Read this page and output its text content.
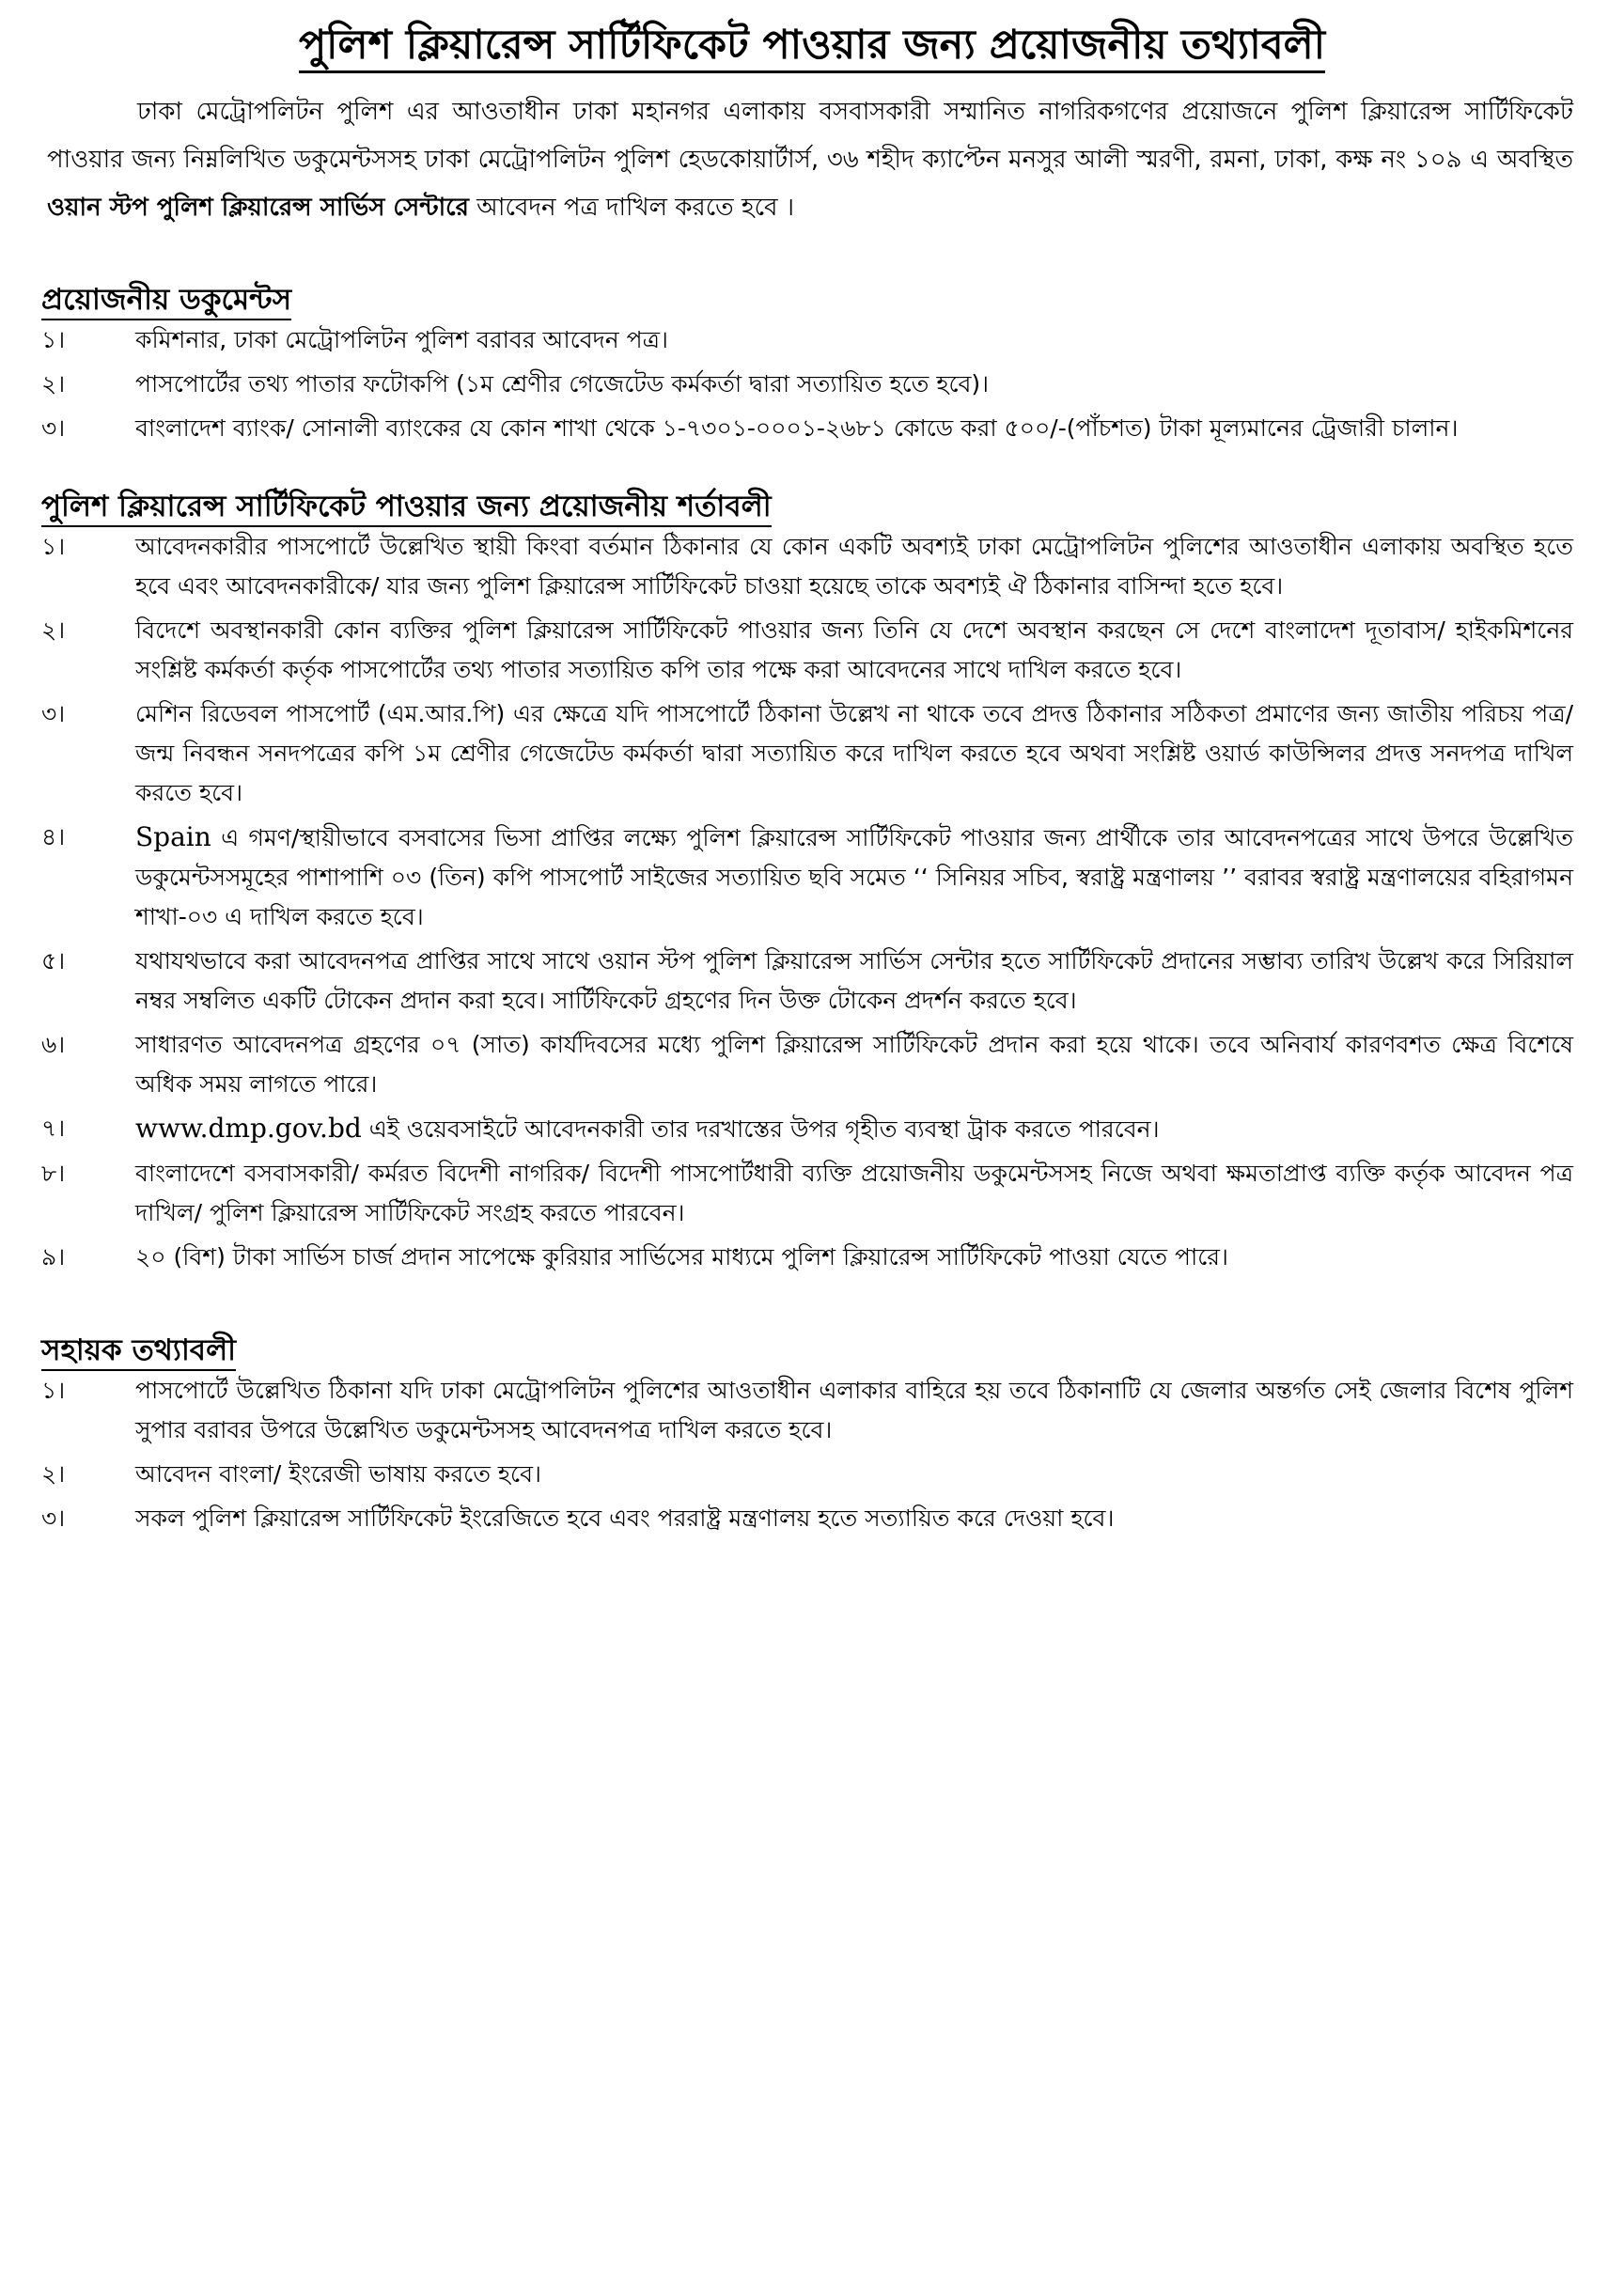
পুলিশ ক্লিয়ারেন্স সার্টিফিকেট পাওয়ার জন্য প্রয়োজনীয় তথ্যাবলী

ঢাকা মেট্রোপলিটন পুলিশ এর আওতাধীন ঢাকা মহানগর এলাকায় বসবাসকারী সম্মানিত নাগরিকগণের প্রয়োজনে পুলিশ ক্লিয়ারেন্স সার্টিফিকেট পাওয়ার জন্য নিম্নলিখিত ডকুমেন্টসসহ ঢাকা মেট্রোপলিটন পুলিশ হেডকোয়ার্টার্স, ৩৬ শহীদ ক্যাপ্টেন মনসুর আলী স্মরণী, রমনা, ঢাকা, কক্ষ নং ১০৯ এ অবস্থিত ওয়ান স্টপ পুলিশ ক্লিয়ারেন্স সার্ভিস সেন্টারে আবেদন পত্র দাখিল করতে হবে ।

প্রয়োজনীয় ডকুমেন্টস
১।	কমিশনার, ঢাকা মেট্রোপলিটন পুলিশ বরাবর আবেদন পত্র।
২।	পাসপোর্টের তথ্য পাতার ফটোকপি (১ম শ্রেণীর গেজেটেড কর্মকর্তা দ্বারা সত্যায়িত হতে হবে)।
৩।	বাংলাদেশ ব্যাংক/ সোনালী ব্যাংকের যে কোন শাখা থেকে ১-৭৩০১-০০০১-২৬৮১ কোডে করা ৫০০/-(পাঁচশত) টাকা মূল্যমানের ট্রেজারী চালান।
পুলিশ ক্লিয়ারেন্স সার্টিফিকেট পাওয়ার জন্য প্রয়োজনীয় শর্তাবলী
১।	আবেদনকারীর পাসপোর্টে উল্লেখিত স্থায়ী কিংবা বর্তমান ঠিকানার যে কোন একটি অবশ্যই ঢাকা মেট্রোপলিটন পুলিশের আওতাধীন এলাকায় অবস্থিত হতে হবে এবং আবেদনকারীকে/ যার জন্য পুলিশ ক্লিয়ারেন্স সার্টিফিকেট চাওয়া হয়েছে তাকে অবশ্যই ঐ ঠিকানার বাসিন্দা হতে হবে।
২।	বিদেশে অবস্থানকারী কোন ব্যক্তির পুলিশ ক্লিয়ারেন্স সার্টিফিকেট পাওয়ার জন্য তিনি যে দেশে অবস্থান করছেন সে দেশে বাংলাদেশ দূতাবাস/ হাইকমিশনের সংশ্লিষ্ট কর্মকর্তা কর্তৃক পাসপোর্টের তথ্য পাতার সত্যায়িত কপি তার পক্ষে করা আবেদনের সাথে দাখিল করতে হবে।
৩।	মেশিন রিডেবল পাসপোর্ট (এম.আর.পি) এর ক্ষেত্রে যদি পাসপোর্টে ঠিকানা উল্লেখ না থাকে তবে প্রদত্ত ঠিকানার সঠিকতা প্রমাণের জন্য জাতীয় পরিচয় পত্র/ জন্ম নিবন্ধন সনদপত্রের কপি ১ম শ্রেণীর গেজেটেড কর্মকর্তা দ্বারা সত্যায়িত করে দাখিল করতে হবে অথবা সংশ্লিষ্ট ওয়ার্ড কাউন্সিলর প্রদত্ত সনদপত্র দাখিল করতে হবে।
৪।	Spain এ গমণ/স্থায়ীভাবে বসবাসের ভিসা প্রাপ্তির লক্ষ্যে পুলিশ ক্লিয়ারেন্স সার্টিফিকেট পাওয়ার জন্য প্রার্থীকে তার আবেদনপত্রের সাথে উপরে উল্লেখিত ডকুমেন্টসসমূহের পাশাপাশি ০৩ (তিন) কপি পাসপোর্ট সাইজের সত্যায়িত ছবি সমেত ‘‘ সিনিয়র সচিব, স্বরাষ্ট্র মন্ত্রণালয় ’’ বরাবর স্বরাষ্ট্র মন্ত্রণালয়ের বহিরাগমন শাখা-০৩ এ দাখিল করতে হবে।
৫।	যথাযথভাবে করা আবেদনপত্র প্রাপ্তির সাথে সাথে ওয়ান স্টপ পুলিশ ক্লিয়ারেন্স সার্ভিস সেন্টার হতে সার্টিফিকেট প্রদানের সম্ভাব্য তারিখ উল্লেখ করে সিরিয়াল নম্বর সম্বলিত একটি টোকেন প্রদান করা হবে। সার্টিফিকেট গ্রহণের দিন উক্ত টোকেন প্রদর্শন করতে হবে।
৬।	সাধারণত আবেদনপত্র গ্রহণের ০৭ (সাত) কার্যদিবসের মধ্যে পুলিশ ক্লিয়ারেন্স সার্টিফিকেট প্রদান করা হয়ে থাকে। তবে অনিবার্য কারণবশত ক্ষেত্র বিশেষে অধিক সময় লাগতে পারে।
৭।	www.dmp.gov.bd এই ওয়েবসাইটে আবেদনকারী তার দরখাস্তের উপর গৃহীত ব্যবস্থা ট্রাক করতে পারবেন।
৮।	বাংলাদেশে বসবাসকারী/ কর্মরত বিদেশী নাগরিক/ বিদেশী পাসপোর্টধারী ব্যক্তি প্রয়োজনীয় ডকুমেন্টসসহ নিজে অথবা ক্ষমতাপ্রাপ্ত ব্যক্তি কর্তৃক আবেদন পত্র দাখিল/ পুলিশ ক্লিয়ারেন্স সার্টিফিকেট সংগ্রহ করতে পারবেন।
৯।	২০ (বিশ) টাকা সার্ভিস চার্জ প্রদান সাপেক্ষে কুরিয়ার সার্ভিসের মাধ্যমে পুলিশ ক্লিয়ারেন্স সার্টিফিকেট পাওয়া যেতে পারে।
সহায়ক তথ্যাবলী
১।	পাসপোর্টে উল্লেখিত ঠিকানা যদি ঢাকা মেট্রোপলিটন পুলিশের আওতাধীন এলাকার বাহিরে হয় তবে ঠিকানাটি যে জেলার অন্তর্গত সেই জেলার বিশেষ পুলিশ সুপার বরাবর উপরে উল্লেখিত ডকুমেন্টসসহ আবেদনপত্র দাখিল করতে হবে।
২।	আবেদন বাংলা/ ইংরেজী ভাষায় করতে হবে।
৩।	সকল পুলিশ ক্লিয়ারেন্স সার্টিফিকেট ইংরেজিতে হবে এবং পররাষ্ট্র মন্ত্রণালয় হতে সত্যায়িত করে দেওয়া হবে।
